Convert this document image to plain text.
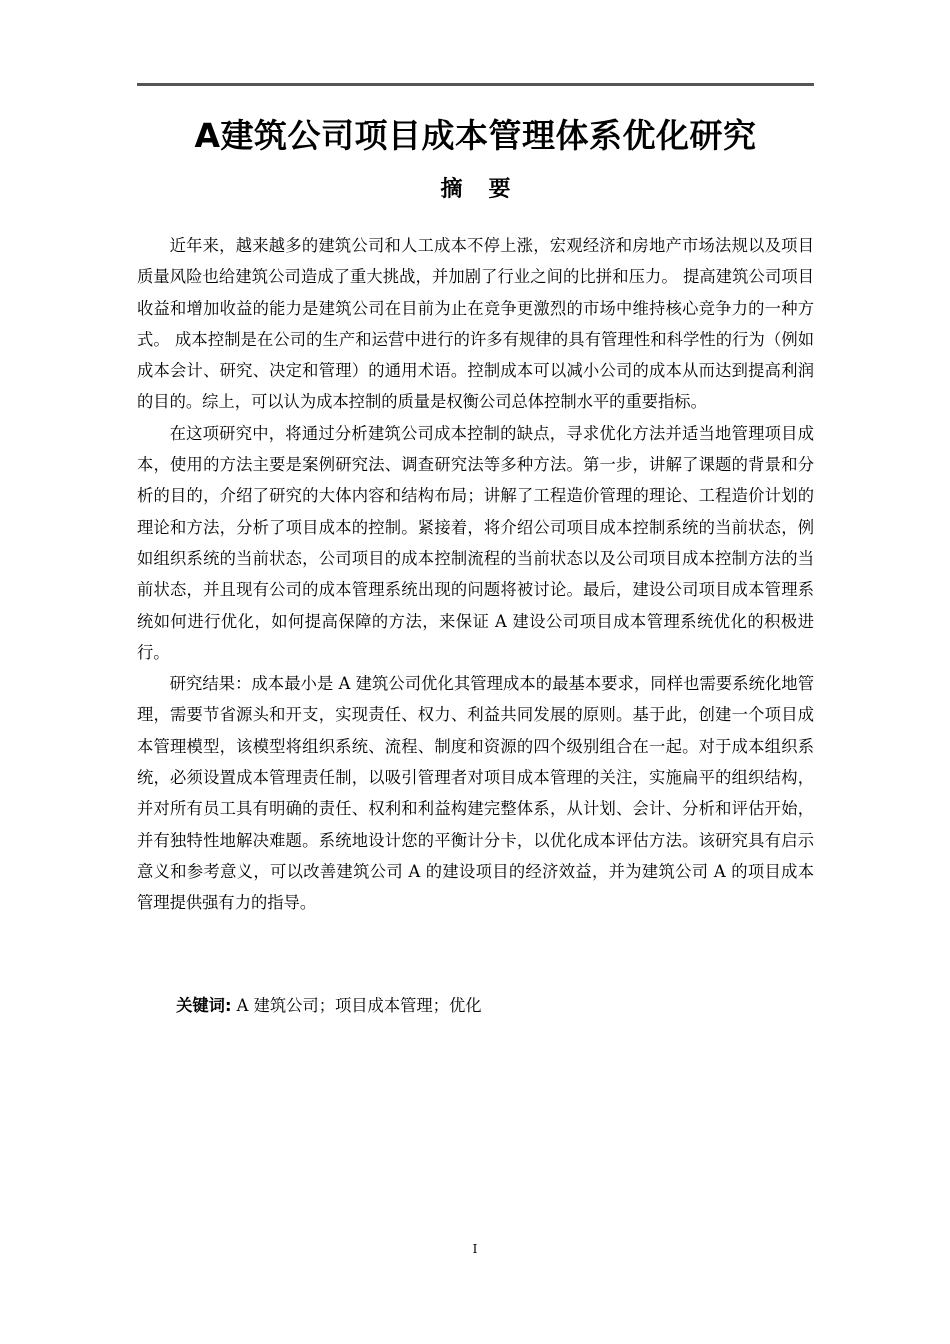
A建筑公司项目成本管理体系优化研究
摘要

近年来，越来越多的建筑公司和人工成本不停上涨，宏观经济和房地产市场法规以及项目质量风险也给建筑公司造成了重大挑战，并加剧了行业之间的比拼和压力。 提高建筑公司项目收益和增加收益的能力是建筑公司在目前为止在竞争更激烈的市场中维持核心竞争力的一种方式。 成本控制是在公司的生产和运营中进行的许多有规律的具有管理性和科学性的行为（例如成本会计、研究、决定和管理）的通用术语。控制成本可以减小公司的成本从而达到提高利润的目的。综上，可以认为成本控制的质量是权衡公司总体控制水平的重要指标。

在这项研究中，将通过分析建筑公司成本控制的缺点，寻求优化方法并适当地管理项目成本，使用的方法主要是案例研究法、调查研究法等多种方法。第一步，讲解了课题的背景和分析的目的，介绍了研究的大体内容和结构布局；讲解了工程造价管理的理论、工程造价计划的理论和方法，分析了项目成本的控制。紧接着，将介绍公司项目成本控制系统的当前状态，例如组织系统的当前状态，公司项目的成本控制流程的当前状态以及公司项目成本控制方法的当前状态，并且现有公司的成本管理系统出现的问题将被讨论。最后，建设公司项目成本管理系统如何进行优化，如何提高保障的方法，来保证 A 建设公司项目成本管理系统优化的积极进行。

研究结果：成本最小是 A 建筑公司优化其管理成本的最基本要求，同样也需要系统化地管理，需要节省源头和开支，实现责任、权力、利益共同发展的原则。基于此，创建一个项目成本管理模型，该模型将组织系统、流程、制度和资源的四个级别组合在一起。对于成本组织系统，必须设置成本管理责任制，以吸引管理者对项目成本管理的关注，实施扁平的组织结构，并对所有员工具有明确的责任、权利和利益构建完整体系，从计划、会计、分析和评估开始，并有独特性地解决难题。系统地设计您的平衡计分卡，以优化成本评估方法。该研究具有启示意义和参考意义，可以改善建筑公司 A 的建设项目的经济效益，并为建筑公司 A 的项目成本管理提供强有力的指导。

关键词: A 建筑公司；项目成本管理；优化
I
